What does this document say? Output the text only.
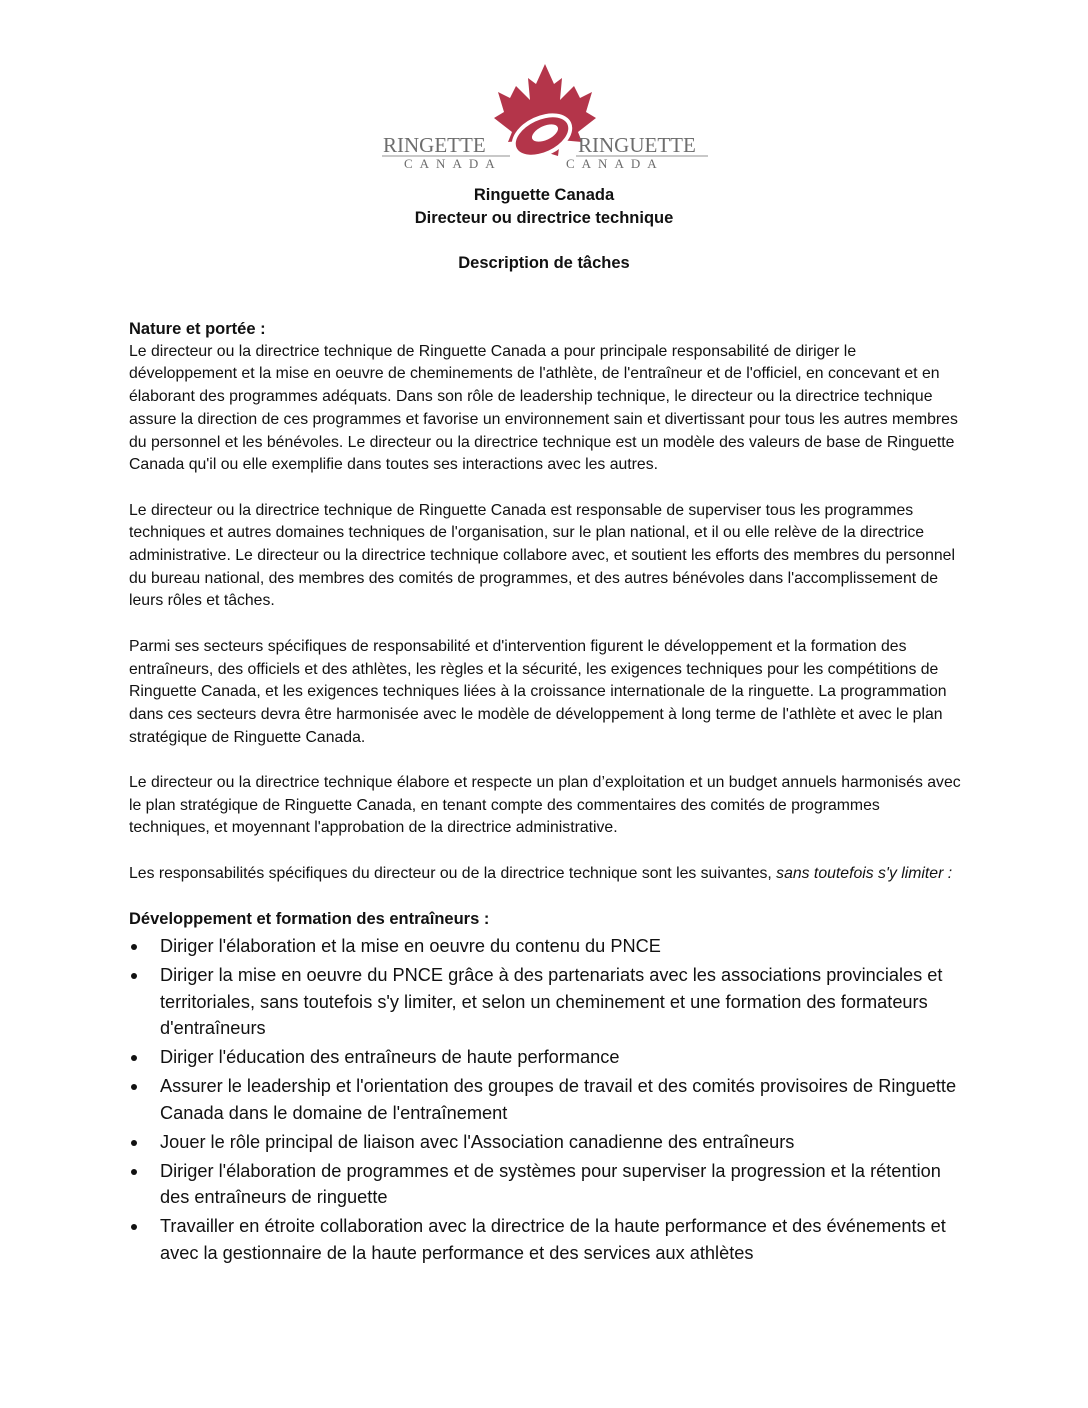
RINGETTE	RINGUETTE
CANADA	CANADA
Ringuette Canada
Directeur ou directrice technique
Description de tâches

Nature et portée :

Le directeur ou la directrice technique de Ringuette Canada a pour principale responsabilité de diriger le développement et la mise en oeuvre de cheminements de l'athlète, de l'entraîneur et de l'officiel, en concevant et en élaborant des programmes adéquats. Dans son rôle de leadership technique, le directeur ou la directrice technique assure la direction de ces programmes et favorise un environnement sain et divertissant pour tous les autres membres du personnel et les bénévoles. Le directeur ou la directrice technique est un modèle des valeurs de base de Ringuette Canada qu'il ou elle exemplifie dans toutes ses interactions avec les autres.

Le directeur ou la directrice technique de Ringuette Canada est responsable de superviser tous les programmes techniques et autres domaines techniques de l'organisation, sur le plan national, et il ou elle relève de la directrice administrative. Le directeur ou la directrice technique collabore avec, et soutient les efforts des membres du personnel du bureau national, des membres des comités de programmes, et des autres bénévoles dans l'accomplissement de leurs rôles et tâches.

Parmi ses secteurs spécifiques de responsabilité et d'intervention figurent le développement et la formation des entraîneurs, des officiels et des athlètes, les règles et la sécurité, les exigences techniques pour les compétitions de Ringuette Canada, et les exigences techniques liées à la croissance internationale de la ringuette. La programmation dans ces secteurs devra être harmonisée avec le modèle de développement à long terme de l'athlète et avec le plan stratégique de Ringuette Canada.

Le directeur ou la directrice technique élabore et respecte un plan d’exploitation et un budget annuels harmonisés avec le plan stratégique de Ringuette Canada, en tenant compte des commentaires des comités de programmes techniques, et moyennant l'approbation de la directrice administrative.

Les responsabilités spécifiques du directeur ou de la directrice technique sont les suivantes, sans toutefois s'y limiter :

Développement et formation des entraîneurs :

Diriger l'élaboration et la mise en oeuvre du contenu du PNCE
Diriger la mise en oeuvre du PNCE grâce à des partenariats avec les associations provinciales et territoriales, sans toutefois s'y limiter, et selon un cheminement et une formation des formateurs d'entraîneurs
Diriger l'éducation des entraîneurs de haute performance
Assurer le leadership et l'orientation des groupes de travail et des comités provisoires de Ringuette Canada dans le domaine de l'entraînement
Jouer le rôle principal de liaison avec l'Association canadienne des entraîneurs
Diriger l'élaboration de programmes et de systèmes pour superviser la progression et la rétention des entraîneurs de ringuette
Travailler en étroite collaboration avec la directrice de la haute performance et des événements et avec la gestionnaire de la haute performance et des services aux athlètes
